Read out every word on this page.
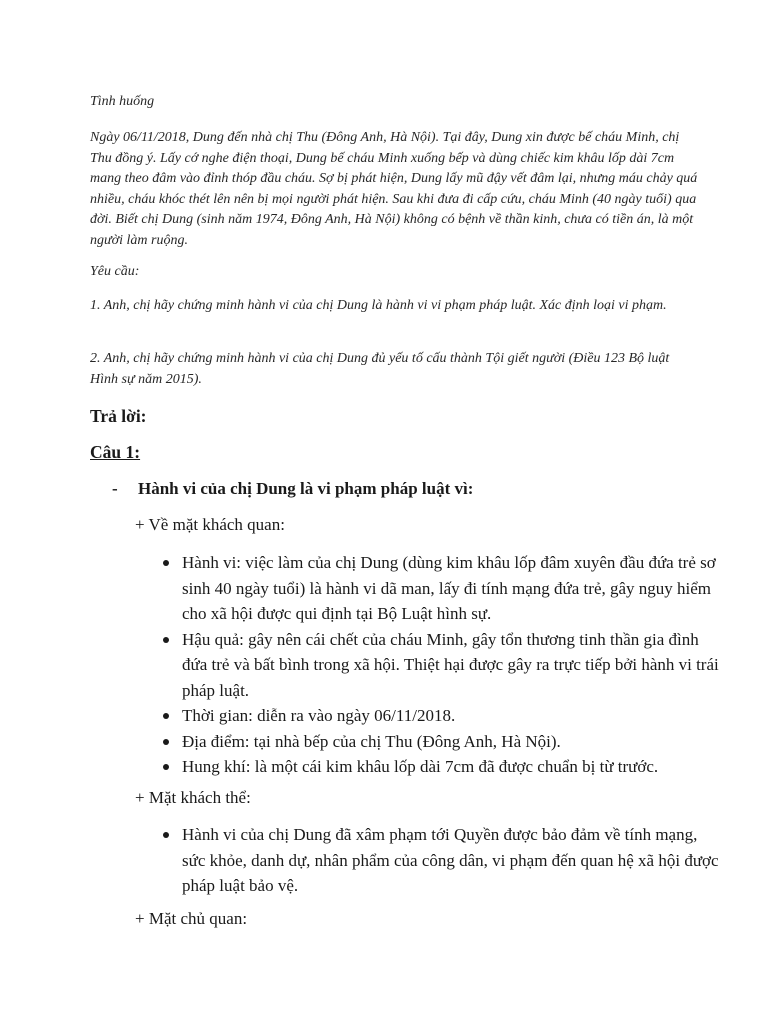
Tình huống

Ngày 06/11/2018, Dung đến nhà chị Thu (Đông Anh, Hà Nội). Tại đây, Dung xin được bế cháu Minh, chị Thu đồng ý. Lấy cớ nghe điện thoại, Dung bế cháu Minh xuống bếp và dùng chiếc kim khâu lốp dài 7cm mang theo đâm vào đỉnh thóp đầu cháu. Sợ bị phát hiện, Dung lấy mũ đậy vết đâm lại, nhưng máu chảy quá nhiều, cháu khóc thét lên nên bị mọi người phát hiện. Sau khi đưa đi cấp cứu, cháu Minh (40 ngày tuổi) qua đời. Biết chị Dung (sinh năm 1974, Đông Anh, Hà Nội) không có bệnh về thần kinh, chưa có tiền án, là một người làm ruộng.

Yêu cầu:

1. Anh, chị hãy chứng minh hành vi của chị Dung là hành vi vi phạm pháp luật. Xác định loại vi phạm.

2. Anh, chị hãy chứng minh hành vi của chị Dung đủ yếu tố cấu thành Tội giết người (Điều 123 Bộ luật Hình sự năm 2015).

Trả lời:

Câu 1:

- Hành vi của chị Dung là vi phạm pháp luật vì:

+ Về mặt khách quan:

Hành vi: việc làm của chị Dung (dùng kim khâu lốp đâm xuyên đầu đứa trẻ sơ sinh 40 ngày tuổi) là hành vi dã man, lấy đi tính mạng đứa trẻ, gây nguy hiểm cho xã hội được qui định tại Bộ Luật hình sự.
Hậu quả: gây nên cái chết của cháu Minh, gây tổn thương tinh thần gia đình đứa trẻ và bất bình trong xã hội. Thiệt hại được gây ra trực tiếp bởi hành vi trái pháp luật.
Thời gian: diễn ra vào ngày 06/11/2018.
Địa điểm: tại nhà bếp của chị Thu (Đông Anh, Hà Nội).
Hung khí: là một cái kim khâu lốp dài 7cm đã được chuẩn bị từ trước.

+ Mặt khách thể:

Hành vi của chị Dung đã xâm phạm tới Quyền được bảo đảm về tính mạng, sức khỏe, danh dự, nhân phẩm của công dân, vi phạm đến quan hệ xã hội được pháp luật bảo vệ.

+ Mặt chủ quan:
